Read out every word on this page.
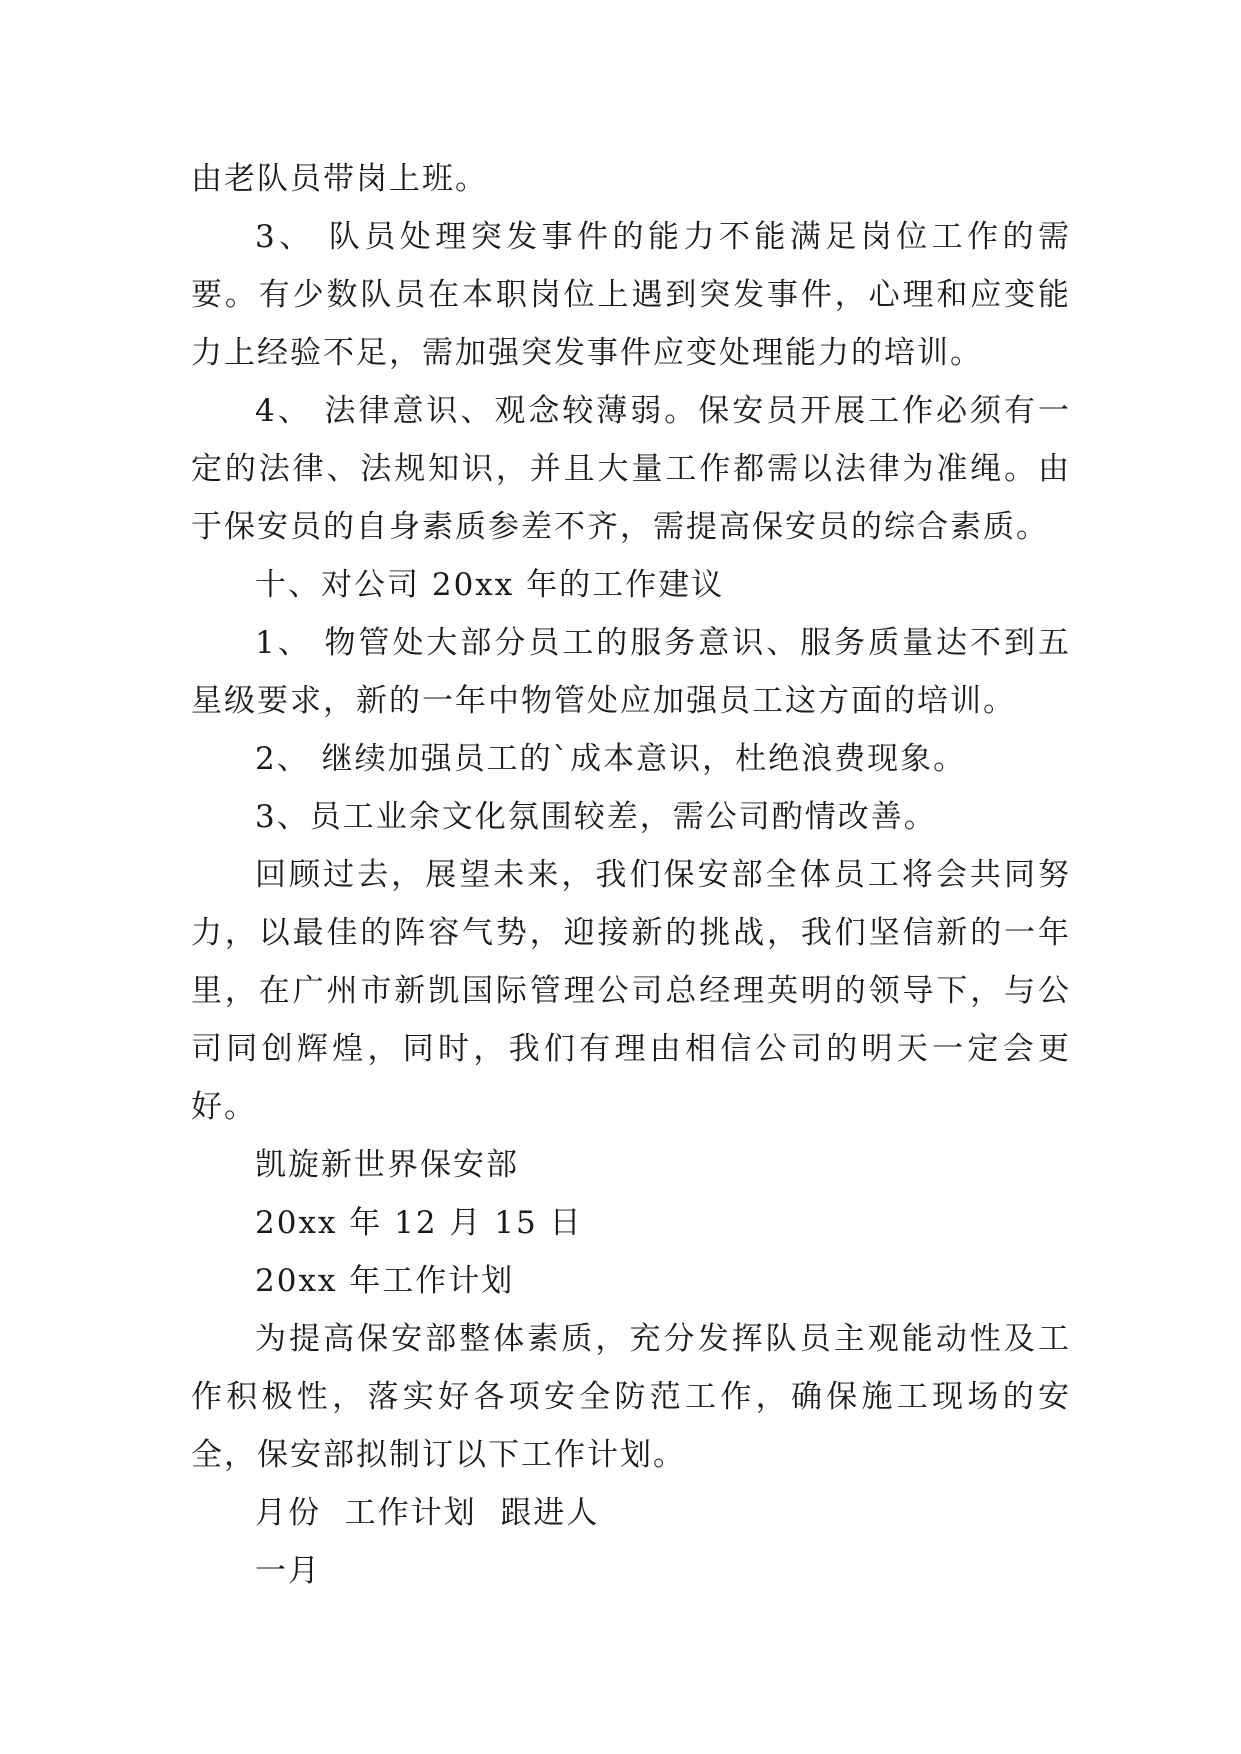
由老队员带岗上班。

3、 队员处理突发事件的能力不能满足岗位工作的需要。有少数队员在本职岗位上遇到突发事件，心理和应变能力上经验不足，需加强突发事件应变处理能力的培训。

4、 法律意识、观念较薄弱。保安员开展工作必须有一定的法律、法规知识，并且大量工作都需以法律为准绳。由于保安员的自身素质参差不齐，需提高保安员的综合素质。

十、对公司 20xx 年的工作建议

1、 物管处大部分员工的服务意识、服务质量达不到五星级要求，新的一年中物管处应加强员工这方面的培训。

2、 继续加强员工的`成本意识，杜绝浪费现象。

3、员工业余文化氛围较差，需公司酌情改善。

回顾过去，展望未来，我们保安部全体员工将会共同努力，以最佳的阵容气势，迎接新的挑战，我们坚信新的一年里，在广州市新凯国际管理公司总经理英明的领导下，与公司同创辉煌，同时，我们有理由相信公司的明天一定会更好。

凯旋新世界保安部

20xx 年 12 月 15 日

20xx 年工作计划

为提高保安部整体素质，充分发挥队员主观能动性及工作积极性，落实好各项安全防范工作，确保施工现场的安全，保安部拟制订以下工作计划。

月份  工作计划  跟进人

一月
